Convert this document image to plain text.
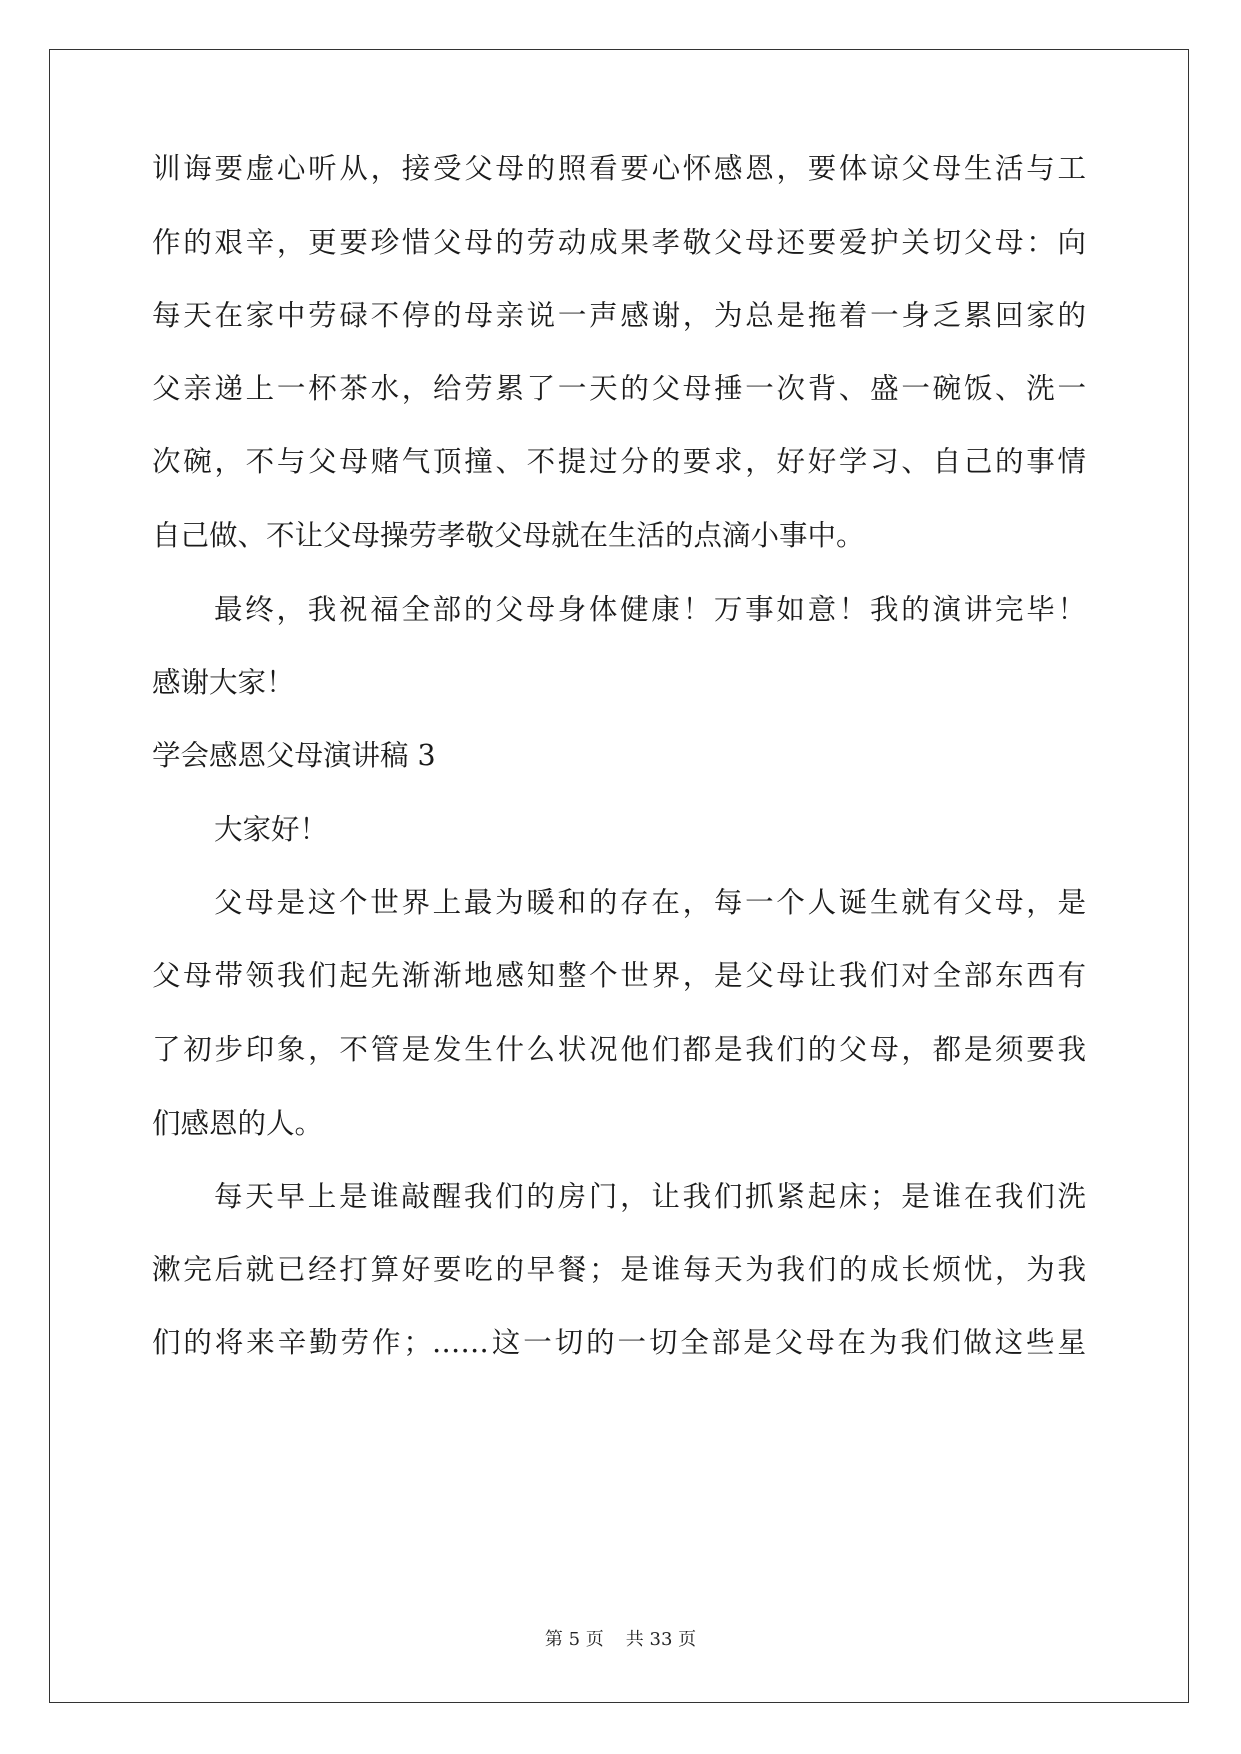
训诲要虚心听从，接受父母的照看要心怀感恩，要体谅父母生活与工
作的艰辛，更要珍惜父母的劳动成果孝敬父母还要爱护关切父母：向
每天在家中劳碌不停的母亲说一声感谢，为总是拖着一身乏累回家的
父亲递上一杯茶水，给劳累了一天的父母捶一次背、盛一碗饭、洗一
次碗，不与父母赌气顶撞、不提过分的要求，好好学习、自己的事情
自己做、不让父母操劳孝敬父母就在生活的点滴小事中。
最终，我祝福全部的父母身体健康！万事如意！我的演讲完毕！
感谢大家！
学会感恩父母演讲稿 3
大家好！
父母是这个世界上最为暖和的存在，每一个人诞生就有父母，是
父母带领我们起先渐渐地感知整个世界，是父母让我们对全部东西有
了初步印象，不管是发生什么状况他们都是我们的父母，都是须要我
们感恩的人。
每天早上是谁敲醒我们的房门，让我们抓紧起床；是谁在我们洗
漱完后就已经打算好要吃的早餐；是谁每天为我们的成长烦忧，为我
们的将来辛勤劳作；……这一切的一切全部是父母在为我们做这些星
第 5 页 共 33 页
